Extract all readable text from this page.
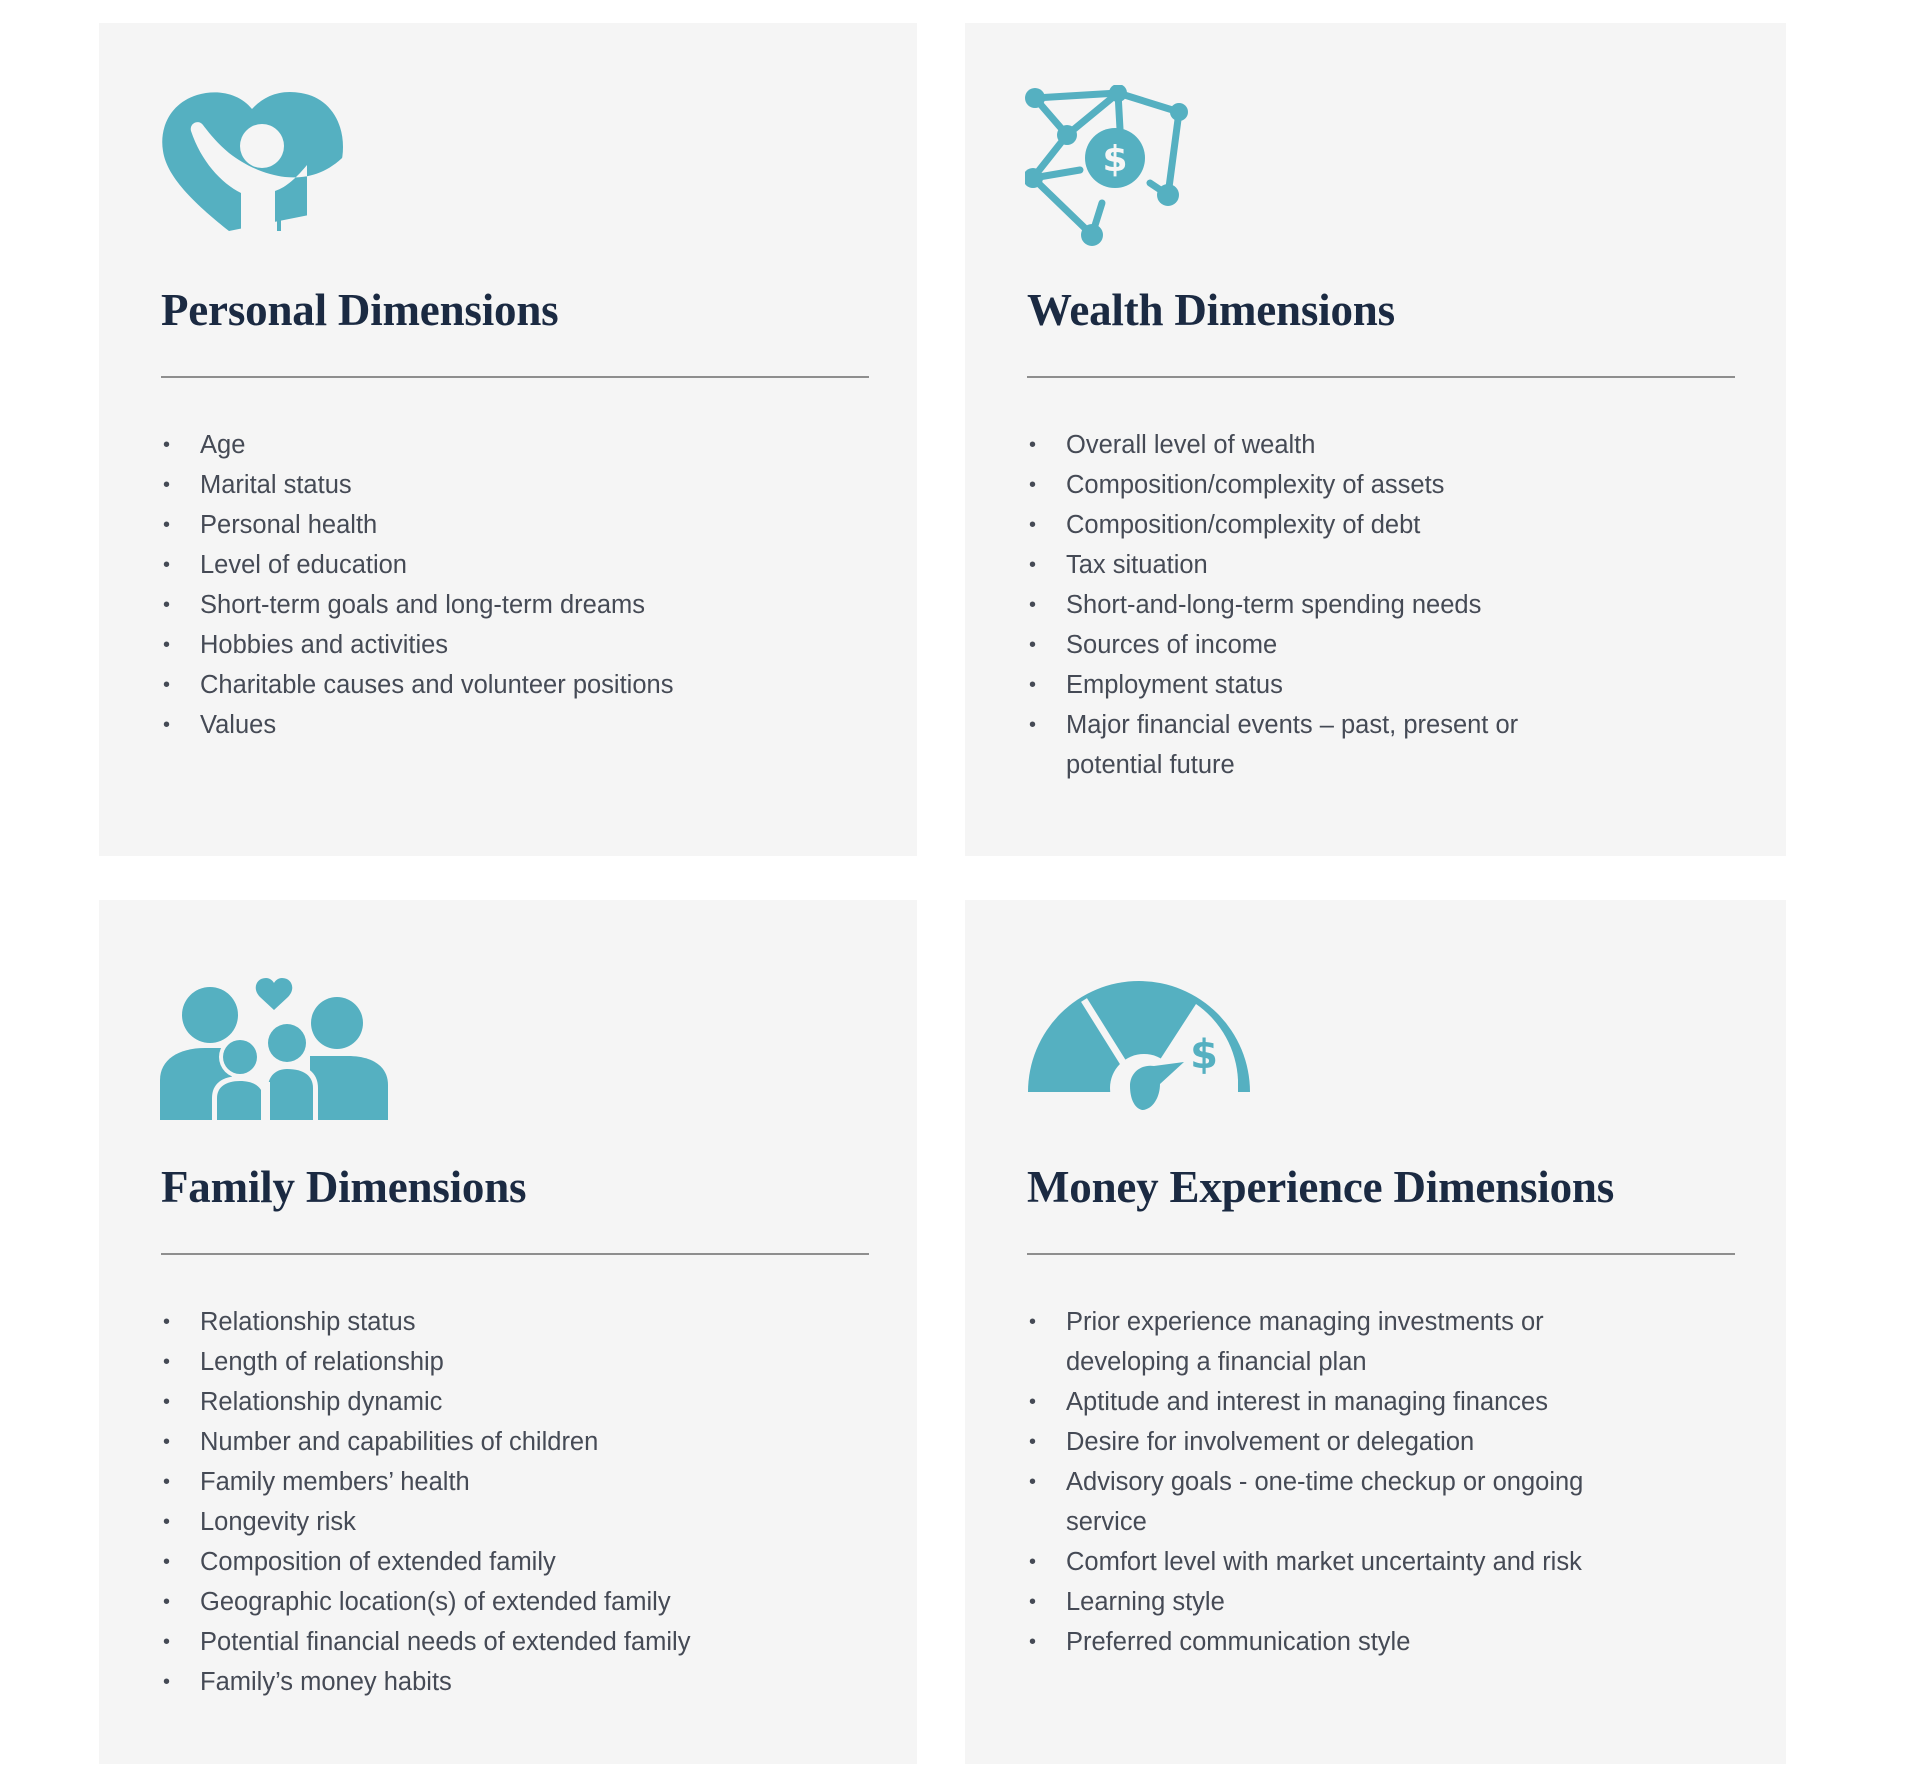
Personal Dimensions
• Age
• Marital status
• Personal health
• Level of education
• Short-term goals and long-term dreams
• Hobbies and activities
• Charitable causes and volunteer positions
• Values
$
Wealth Dimensions
• Overall level of wealth
• Composition/complexity of assets
• Composition/complexity of debt
• Tax situation
• Short-and-long-term spending needs
• Sources of income
• Employment status
• Major financial events – past, present or potential future
Family Dimensions
• Relationship status
• Length of relationship
• Relationship dynamic
• Number and capabilities of children
• Family members’ health
• Longevity risk
• Composition of extended family
• Geographic location(s) of extended family
• Potential financial needs of extended family
• Family’s money habits
$
Money Experience Dimensions
• Prior experience managing investments or developing a financial plan
• Aptitude and interest in managing finances
• Desire for involvement or delegation
• Advisory goals - one-time checkup or ongoing service
• Comfort level with market uncertainty and risk
• Learning style
• Preferred communication style
